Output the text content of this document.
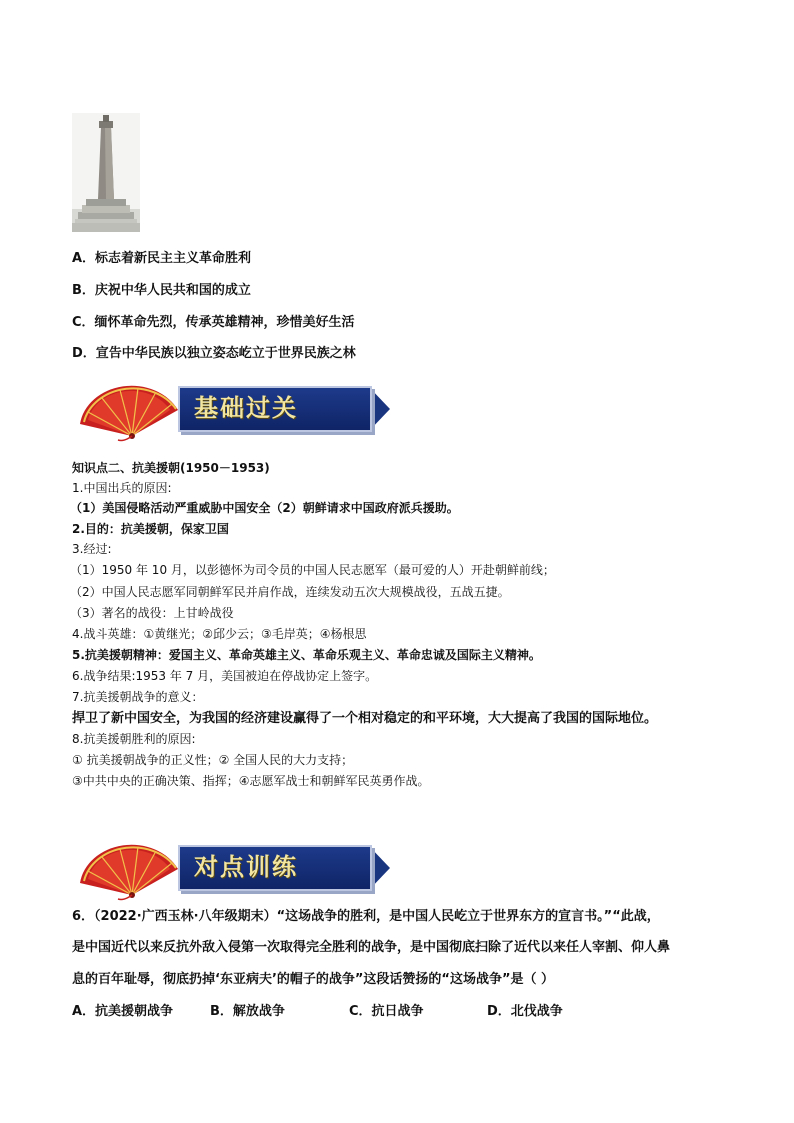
A．标志着新民主主义革命胜利
B．庆祝中华人民共和国的成立
C．缅怀革命先烈，传承英雄精神，珍惜美好生活
D．宣告中华民族以独立姿态屹立于世界民族之林
基础过关
知识点二、抗美援朝(1950－1953)
1.中国出兵的原因:
（1）美国侵略活动严重威胁中国安全（2）朝鲜请求中国政府派兵援助。
2.目的：抗美援朝，保家卫国
3.经过:
（1）1950 年 10 月，以彭德怀为司令员的中国人民志愿军（最可爱的人）开赴朝鲜前线；
（2）中国人民志愿军同朝鲜军民并肩作战，连续发动五次大规模战役，五战五捷。
（3）著名的战役：上甘岭战役
4.战斗英雄：①黄继光；②邱少云；③毛岸英；④杨根思
5.抗美援朝精神：爱国主义、革命英雄主义、革命乐观主义、革命忠诚及国际主义精神。
6.战争结果:1953 年 7 月，美国被迫在停战协定上签字。
7.抗美援朝战争的意义：
捍卫了新中国安全，为我国的经济建设赢得了一个相对稳定的和平环境，大大提高了我国的国际地位。
8.抗美援朝胜利的原因:
① 抗美援朝战争的正义性；② 全国人民的大力支持；
③中共中央的正确决策、指挥；④志愿军战士和朝鲜军民英勇作战。
对点训练
6．（2022·广西玉林·八年级期末）“这场战争的胜利，是中国人民屹立于世界东方的宣言书。”“此战，
是中国近代以来反抗外敌入侵第一次取得完全胜利的战争，是中国彻底扫除了近代以来任人宰割、仰人鼻
息的百年耻辱，彻底扔掉‘东亚病夫’的帽子的战争”这段话赞扬的“这场战争”是（ ）
A．抗美援朝战争	B．解放战争	C．抗日战争	D．北伐战争
